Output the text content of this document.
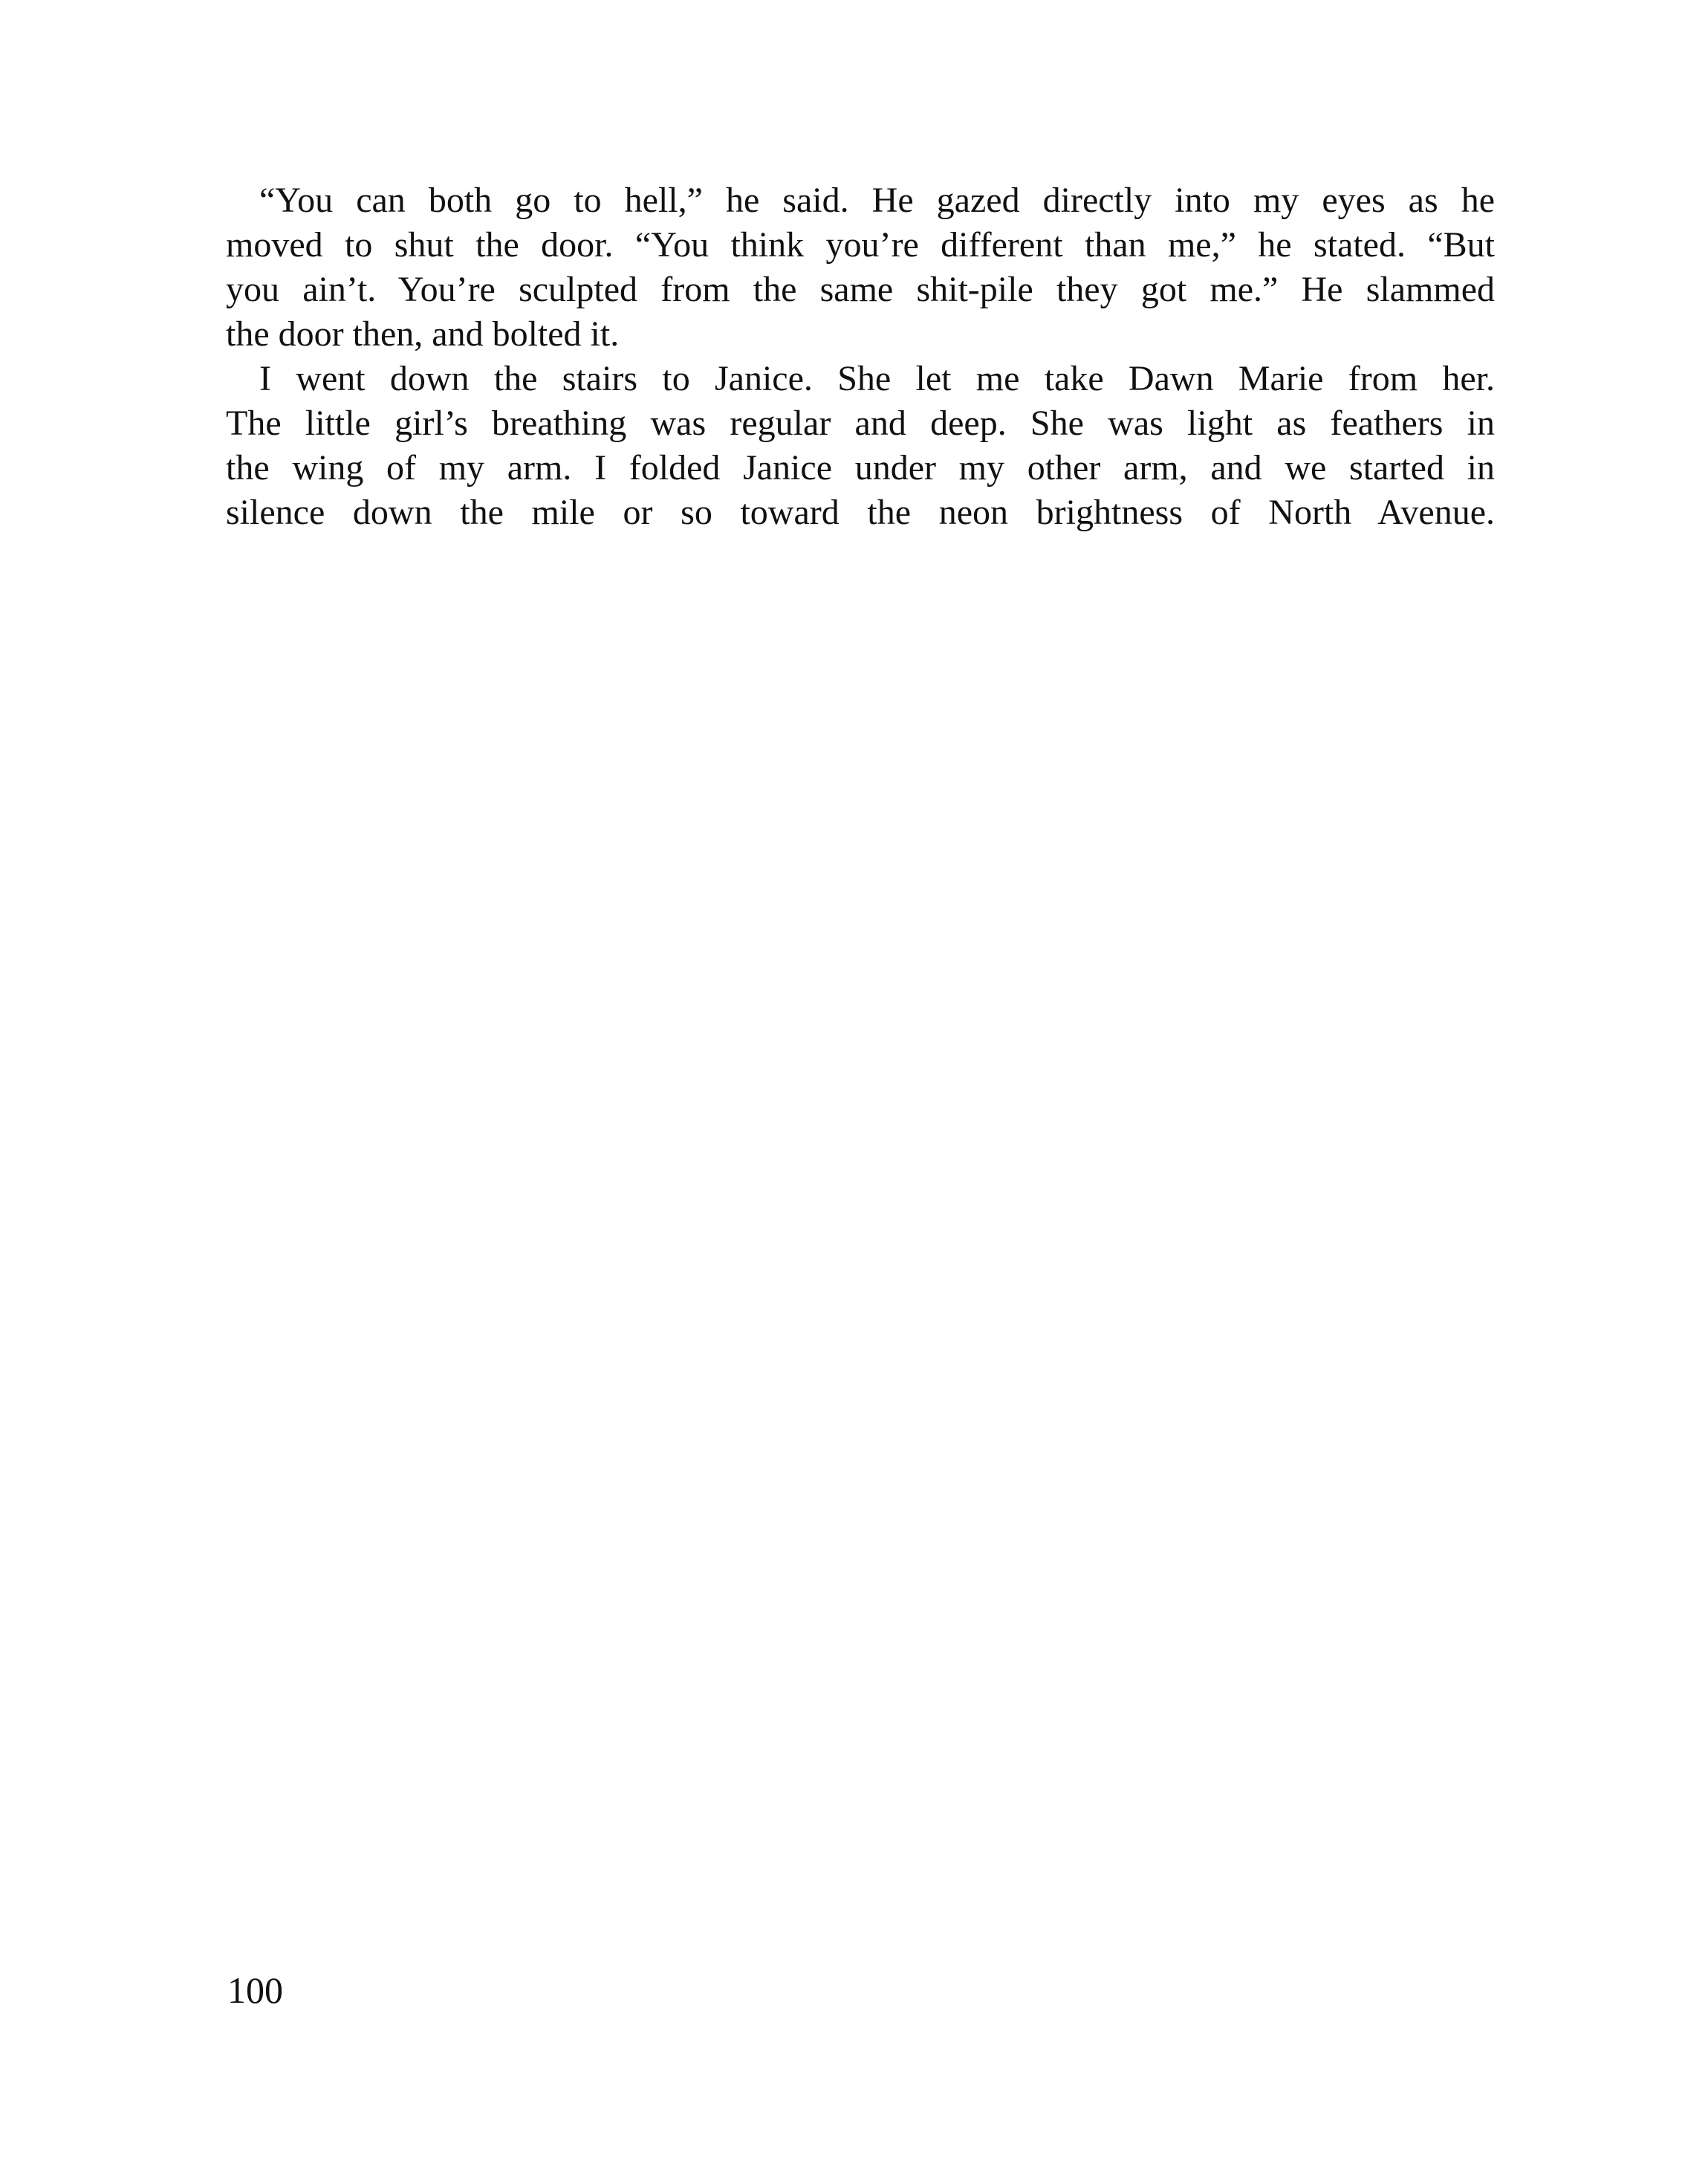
“You can both go to hell,” he said. He gazed directly into my eyes as he
moved to shut the door. “You think you’re different than me,” he stated. “But
you ain’t. You’re sculpted from the same shit-pile they got me.” He slammed
the door then, and bolted it.
I went down the stairs to Janice. She let me take Dawn Marie from her.
The little girl’s breathing was regular and deep. She was light as feathers in
the wing of my arm. I folded Janice under my other arm, and we started in
silence down the mile or so toward the neon brightness of North Avenue.
100
